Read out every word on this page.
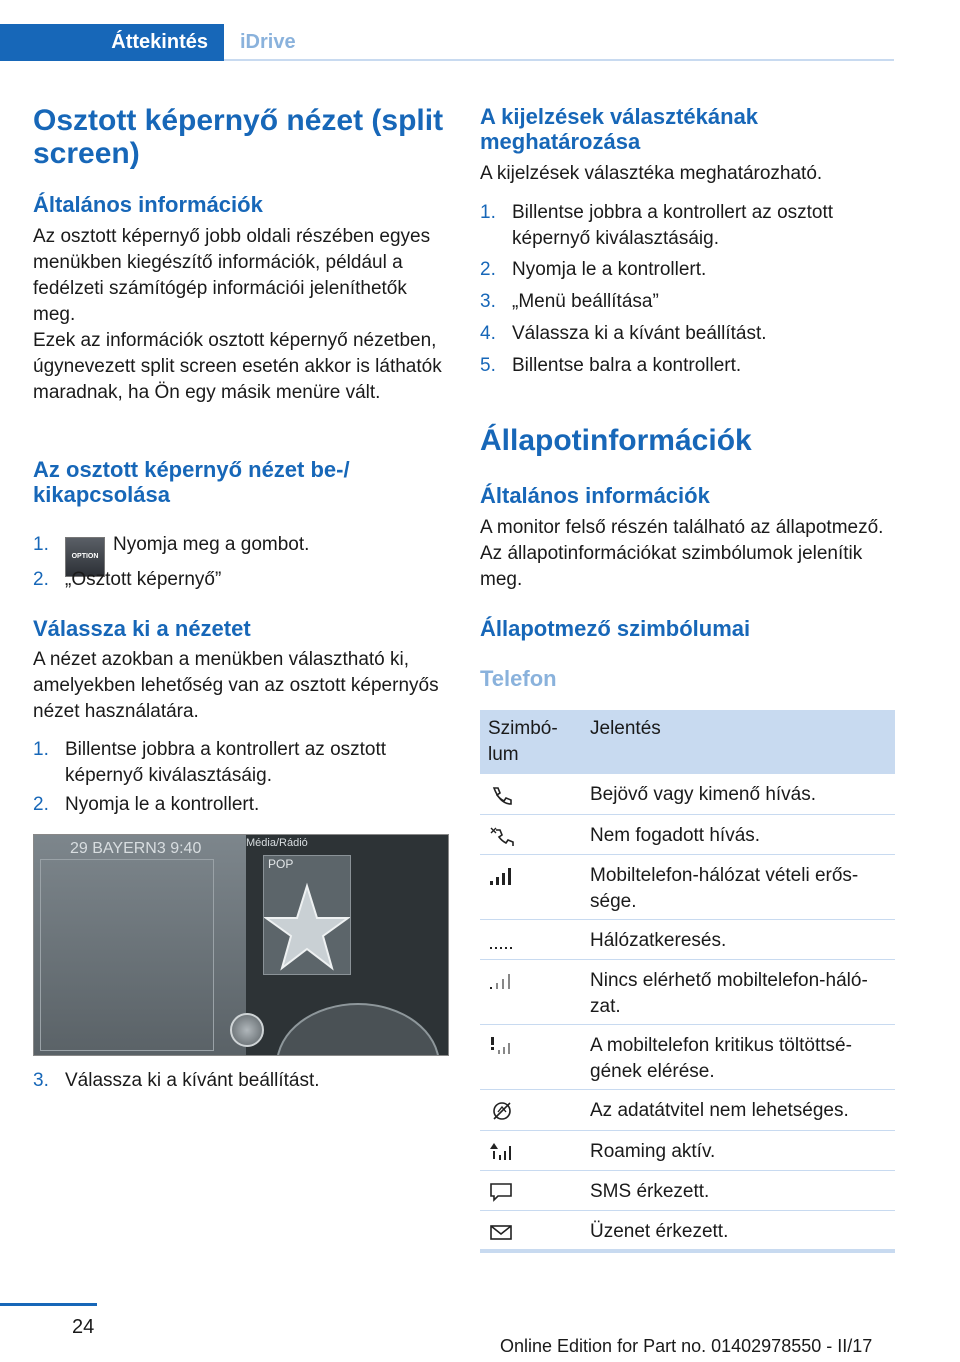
Áttekintés	iDrive
Osztott képernyő nézet (split screen)
Általános információk

Az osztott képernyő jobb oldali részében egyes menükben kiegészítő információk, például a fedélzeti számítógép információi jeleníthetők meg.

Ezek az információk osztott képernyő nézetben, úgynevezett split screen esetén akkor is láthatók maradnak, ha Ön egy másik menüre vált.

Az osztott képernyő nézet be-/ kikapcsolása
1.
OPTIONNyomja meg a gombot.
2. „Osztott képernyő”
Válassza ki a nézetet

A nézet azokban a menükben választható ki, amelyekben lehetőség van az osztott képernyős nézet használatára.

1. Billentse jobbra a kontrollert az osztott képernyő kiválasztásáig.
2. Nyomja le a kontrollert.
29 BAYERN3 9:40	Média/Rádió
POP
3. Válassza ki a kívánt beállítást.
A kijelzések választékának meghatározása

A kijelzések választéka meghatározható.

1. Billentse jobbra a kontrollert az osztott képernyő kiválasztásáig.
2. Nyomja le a kontrollert.
3. „Menü beállítása”
4. Válassza ki a kívánt beállítást.
5. Billentse balra a kontrollert.
Állapotinformációk
Általános információk

A monitor felső részén található az állapotmező. Az állapotinformációkat szimbólumok jelenítik meg.

Állapotmező szimbólumai
Telefon
Szimbólum
Jelentés
Bejövő vagy kimenő hívás.
Nem fogadott hívás.
Mobiltelefon-hálózat vételi erőssége.
Hálózatkeresés.
Nincs elérhető mobiltelefon-hálózat.
A mobiltelefon kritikus töltöttségének elérése.
Az adatátvitel nem lehetséges.
Roaming aktív.
SMS érkezett.
Üzenet érkezett.
24
Online Edition for Part no. 01402978550 - II/17
